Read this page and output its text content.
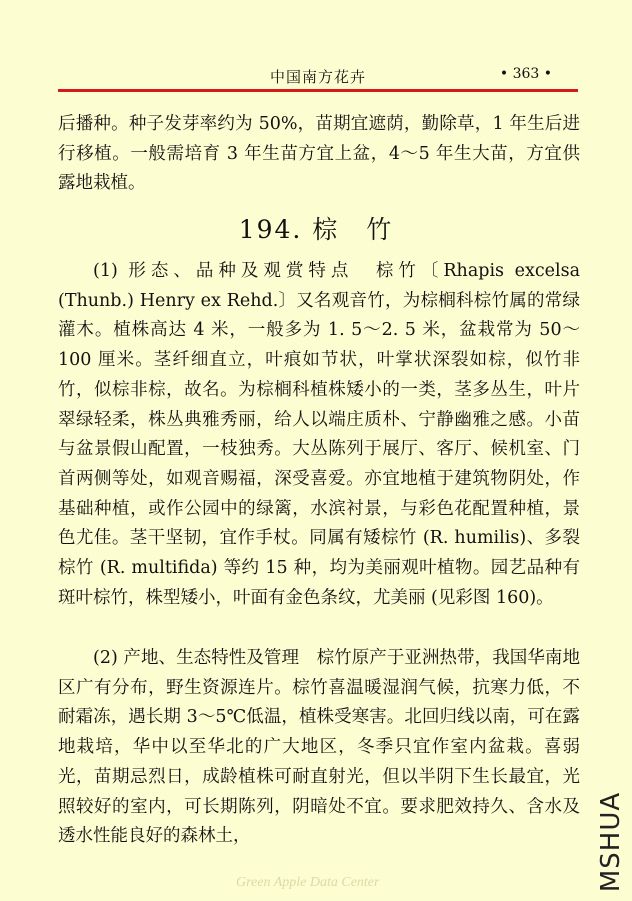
中国南方花卉	• 363 •

后播种。种子发芽率约为 50%，苗期宜遮荫，勤除草，1 年生后进行移植。一般需培育 3 年生苗方宜上盆，4～5 年生大苗，方宜供露地栽植。

194. 棕　竹

(1) 形态、品种及观赏特点　棕竹〔Rhapis excelsa (Thunb.) Henry ex Rehd.〕又名观音竹，为棕榈科棕竹属的常绿灌木。植株高达 4 米，一般多为 1. 5～2. 5 米，盆栽常为 50～100 厘米。茎纤细直立，叶痕如节状，叶掌状深裂如棕，似竹非竹，似棕非棕，故名。为棕榈科植株矮小的一类，茎多丛生，叶片翠绿轻柔，株丛典雅秀丽，给人以端庄质朴、宁静幽雅之感。小苗与盆景假山配置，一枝独秀。大丛陈列于展厅、客厅、候机室、门首两侧等处，如观音赐福，深受喜爱。亦宜地植于建筑物阴处，作基础种植，或作公园中的绿篱，水滨衬景，与彩色花配置种植，景色尤佳。茎干坚韧，宜作手杖。同属有矮棕竹 (R. humilis)、多裂棕竹 (R. multifida) 等约 15 种，均为美丽观叶植物。园艺品种有斑叶棕竹，株型矮小，叶面有金色条纹，尤美丽 (见彩图 160)。

(2) 产地、生态特性及管理　棕竹原产于亚洲热带，我国华南地区广有分布，野生资源连片。棕竹喜温暖湿润气候，抗寒力低，不耐霜冻，遇长期 3～5℃低温，植株受寒害。北回归线以南，可在露地栽培，华中以至华北的广大地区，冬季只宜作室内盆栽。喜弱光，苗期忌烈日，成龄植株可耐直射光，但以半阴下生长最宜，光照较好的室内，可长期陈列，阴暗处不宜。要求肥效持久、含水及透水性能良好的森林土，	MSHUA
Green Apple Data Center
